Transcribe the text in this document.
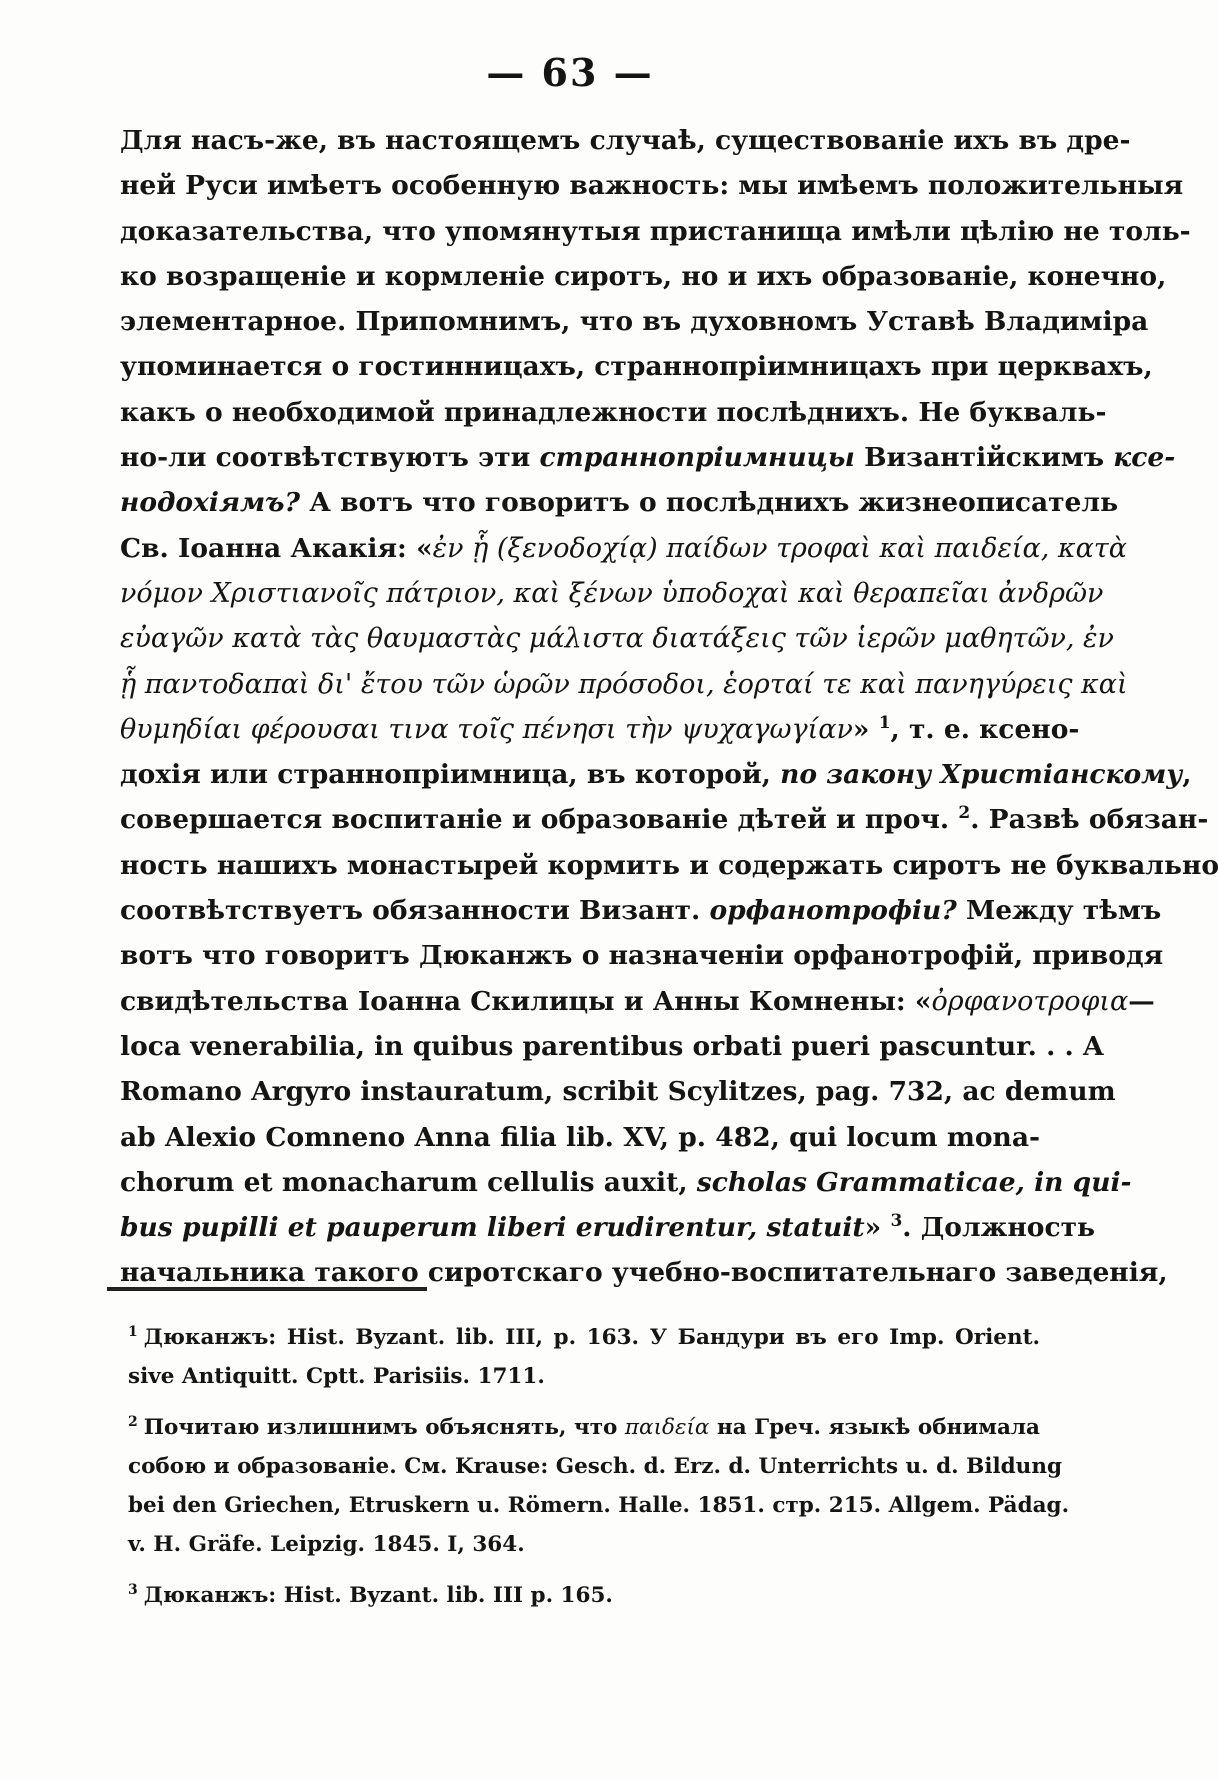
— 63 —
Для насъ-же, въ настоящемъ случаѣ, существованіе ихъ въ дре-
ней Руси имѣетъ особенную важность: мы имѣемъ положительныя
доказательства, что упомянутыя пристанища имѣли цѣлію не толь-
ко возращеніе и кормленіе сиротъ, но и ихъ образованіе, конечно,
элементарное. Припомнимъ, что въ духовномъ Уставѣ Владиміра
упоминается о гостинницахъ, страннопріимницахъ при церквахъ,
какъ о необходимой принадлежности послѣднихъ. Не букваль-
но-ли соотвѣтствуютъ эти страннопріимницы Византійскимъ ксе-
нодохіямъ? А вотъ что говоритъ о послѣднихъ жизнеописатель
Св. Іоанна Акакія: «ἐν ᾗ (ξενοδοχίᾳ) παίδων τροφαὶ καὶ παιδεία, κατὰ
νόμον Χριστιανοῖς πάτριον, καὶ ξένων ὑποδοχαὶ καὶ θεραπεῖαι ἀνδρῶν
εὐαγῶν κατὰ τὰς θαυμαστὰς μάλιστα διατάξεις τῶν ἱερῶν μαθητῶν, ἐν
ᾗ παντοδαπαὶ δι' ἔτου τῶν ὡρῶν πρόσοδοι, ἑορταί τε καὶ πανηγύρεις καὶ
θυμηδίαι φέρουσαι τινα τοῖς πένησι τὴν ψυχαγωγίαν» $^1$, т. е. ксено-
дохія или страннопріимница, въ которой, по закону Христіанскому,
совершается воспитаніе и образованіе дѣтей и проч. $^2$. Развѣ обязан-
ность нашихъ монастырей кормить и содержать сиротъ не буквально
соотвѣтствуетъ обязанности Визант. орфанотрофіи? Между тѣмъ
вотъ что говоритъ Дюканжъ о назначеніи орфанотрофій, приводя
свидѣтельства Іоанна Скилицы и Анны Комнены: «ὀρφανοτροφια—
loca venerabilia, in quibus parentibus orbati pueri pascuntur. . . A
Romano Argyro instauratum, scribit Scylitzes, pag. 732, ac demum
ab Alexio Comneno Anna filia lib. XV, p. 482, qui locum mona-
chorum et monacharum cellulis auxit, scholas Grammaticae, in qui-
bus pupilli et pauperum liberi erudirentur, statuit» $^3$. Должность
начальника такого сиротскаго учебно-воспитательнаго заведенія,
$^1$ Дюканжъ: Hist. Byzant. lib. III, p. 163. У Бандури въ его Imp. Orient.
sive Antiquitt. Cptt. Parisiis. 1711.
$^2$ Почитаю излишнимъ объяснять, что παιδεία на Греч. языкѣ обнимала
собою и образованіе. См. Krause: Gesch. d. Erz. d. Unterrichts u. d. Bildung
bei den Griechen, Etruskern u. Römern. Halle. 1851. стр. 215. Allgem. Pädag.
v. H. Gräfe. Leipzig. 1845. I, 364.
$^3$ Дюканжъ: Hist. Byzant. lib. III p. 165.
